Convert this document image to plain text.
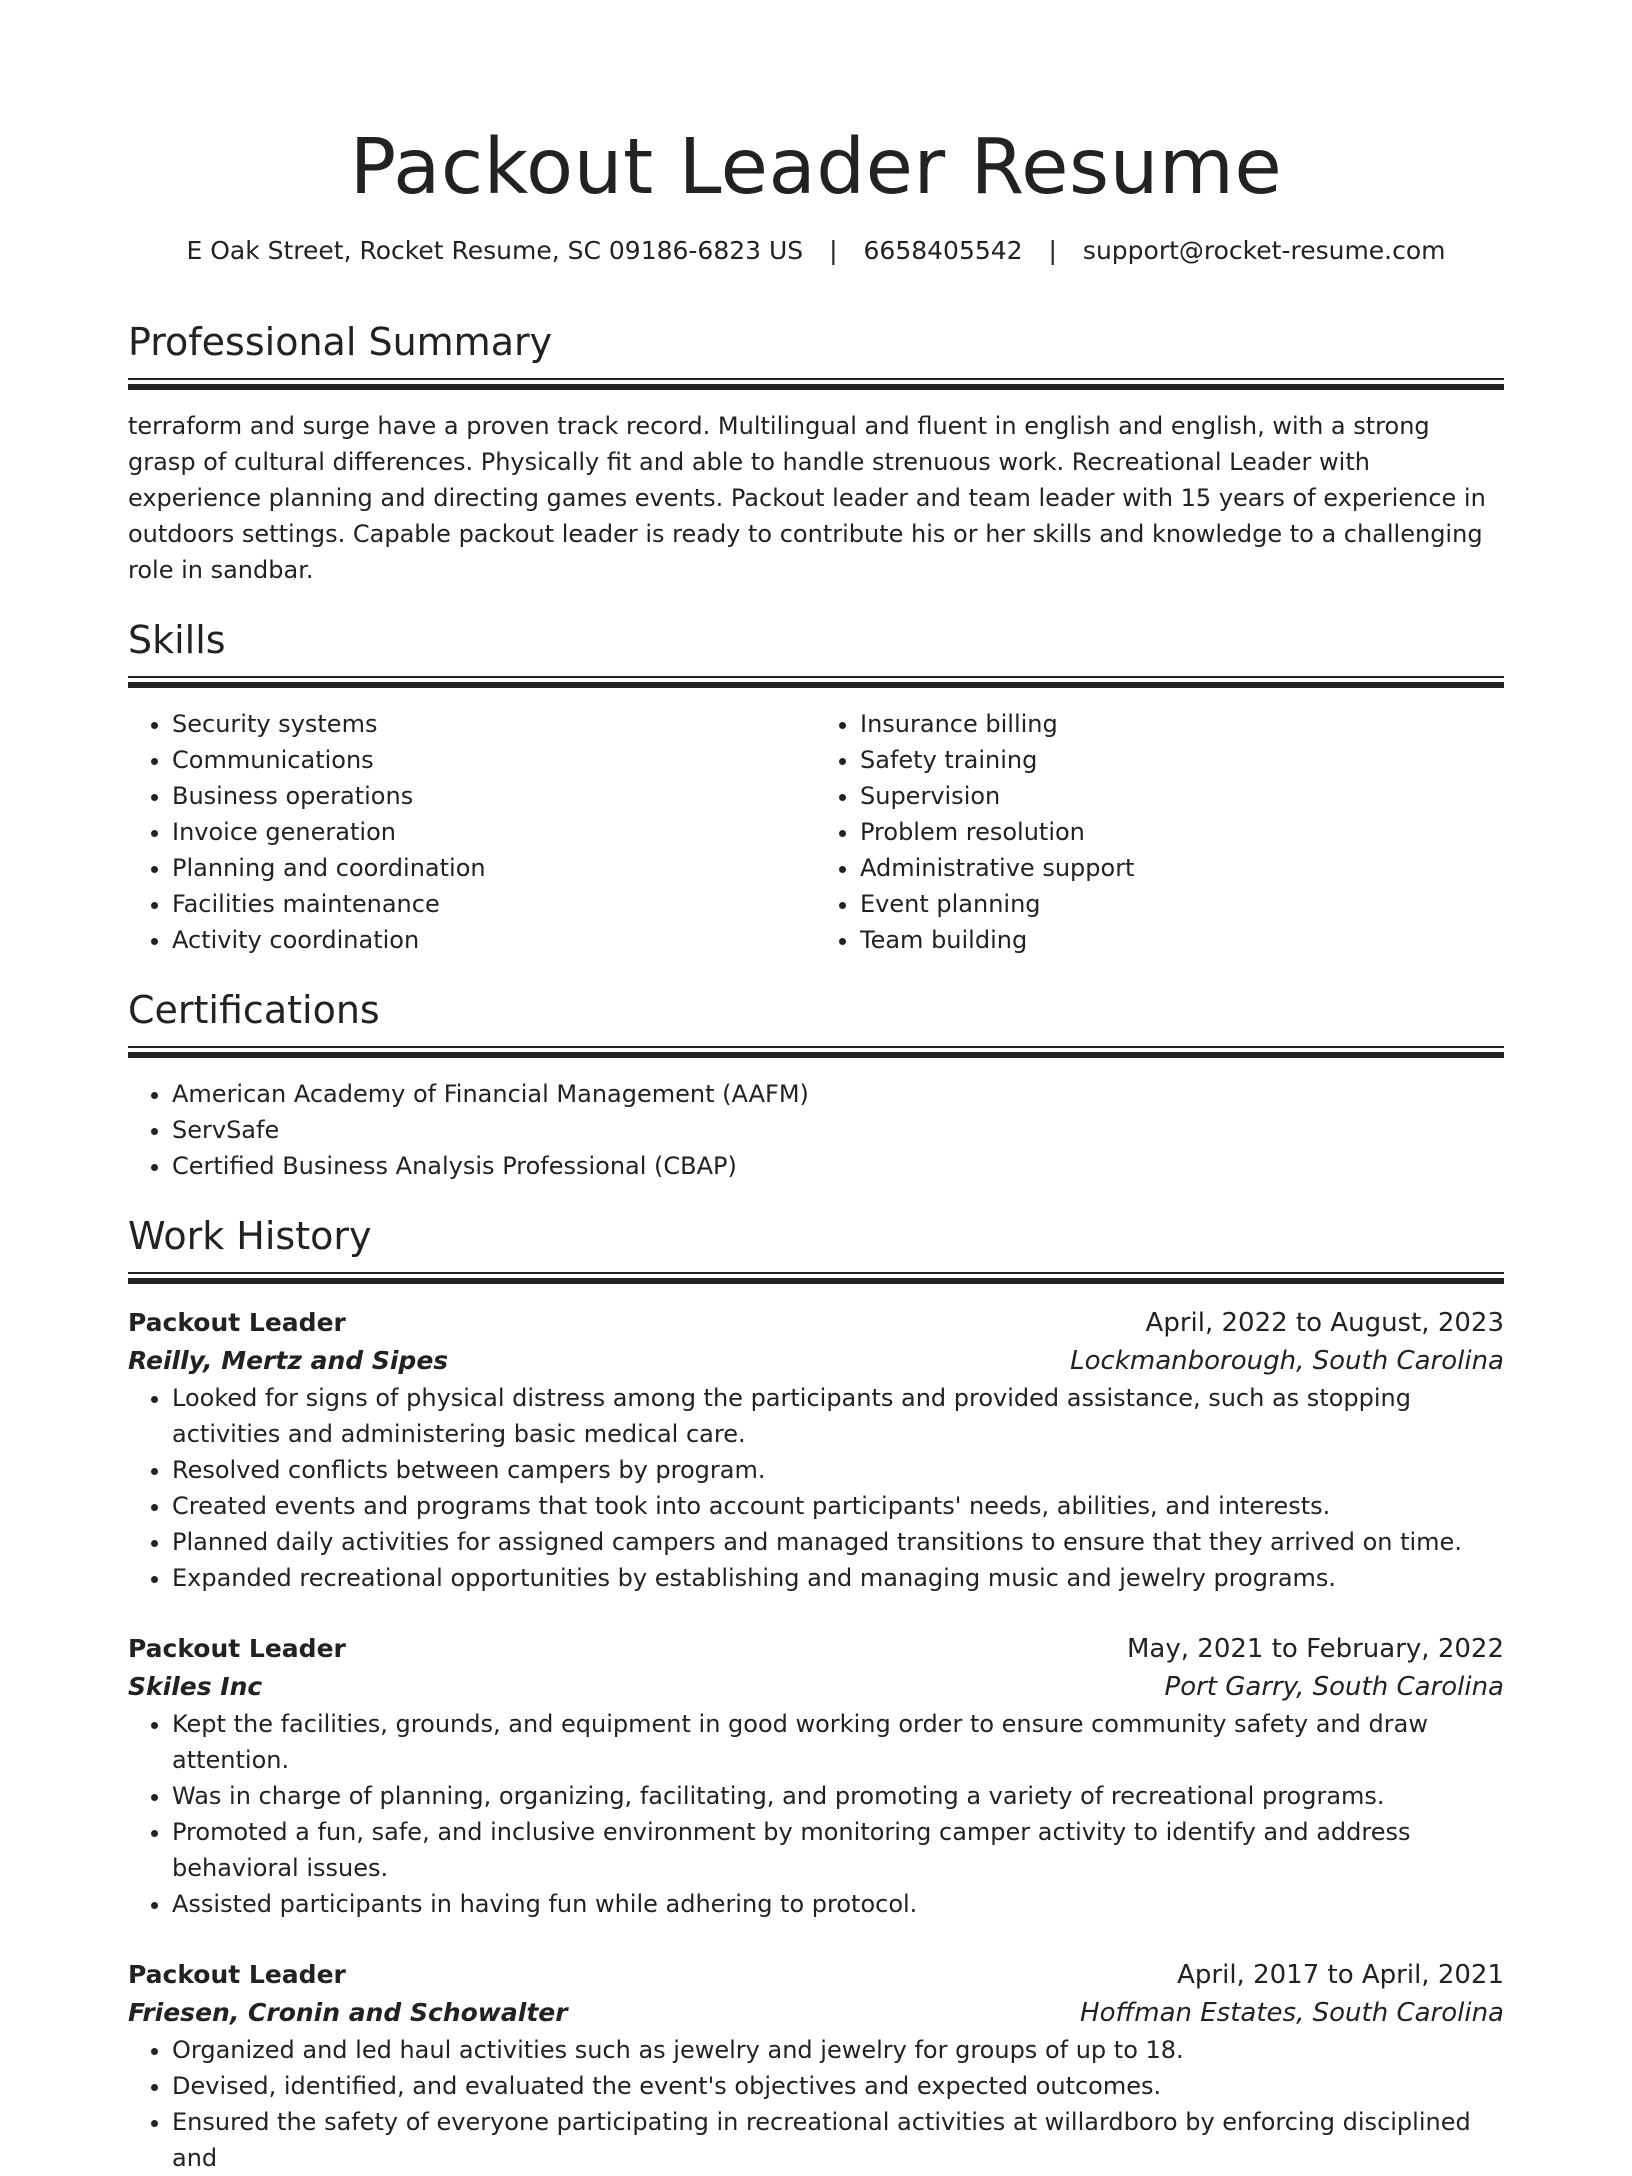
Packout Leader Resume
E Oak Street, Rocket Resume, SC 09186-6823 US | 6658405542 | support@rocket-resume.com
Professional Summary
terraform and surge have a proven track record. Multilingual and fluent in english and english, with a strong grasp of cultural differences. Physically fit and able to handle strenuous work. Recreational Leader with experience planning and directing games events. Packout leader and team leader with 15 years of experience in outdoors settings. Capable packout leader is ready to contribute his or her skills and knowledge to a challenging role in sandbar.
Skills
• Security systems
• Communications
• Business operations
• Invoice generation
• Planning and coordination
• Facilities maintenance
• Activity coordination
• Insurance billing
• Safety training
• Supervision
• Problem resolution
• Administrative support
• Event planning
• Team building
Certifications
• American Academy of Financial Management (AAFM)
• ServSafe
• Certified Business Analysis Professional (CBAP)
Work History
Packout Leader	April, 2022 to August, 2023
Reilly, Mertz and Sipes	Lockmanborough, South Carolina
• Looked for signs of physical distress among the participants and provided assistance, such as stopping activities and administering basic medical care.
• Resolved conflicts between campers by program.
• Created events and programs that took into account participants' needs, abilities, and interests.
• Planned daily activities for assigned campers and managed transitions to ensure that they arrived on time.
• Expanded recreational opportunities by establishing and managing music and jewelry programs.
Packout Leader	May, 2021 to February, 2022
Skiles Inc	Port Garry, South Carolina
• Kept the facilities, grounds, and equipment in good working order to ensure community safety and draw attention.
• Was in charge of planning, organizing, facilitating, and promoting a variety of recreational programs.
• Promoted a fun, safe, and inclusive environment by monitoring camper activity to identify and address behavioral issues.
• Assisted participants in having fun while adhering to protocol.
Packout Leader	April, 2017 to April, 2021
Friesen, Cronin and Schowalter	Hoffman Estates, South Carolina
• Organized and led haul activities such as jewelry and jewelry for groups of up to 18.
• Devised, identified, and evaluated the event's objectives and expected outcomes.
• Ensured the safety of everyone participating in recreational activities at willardboro by enforcing disciplined and
